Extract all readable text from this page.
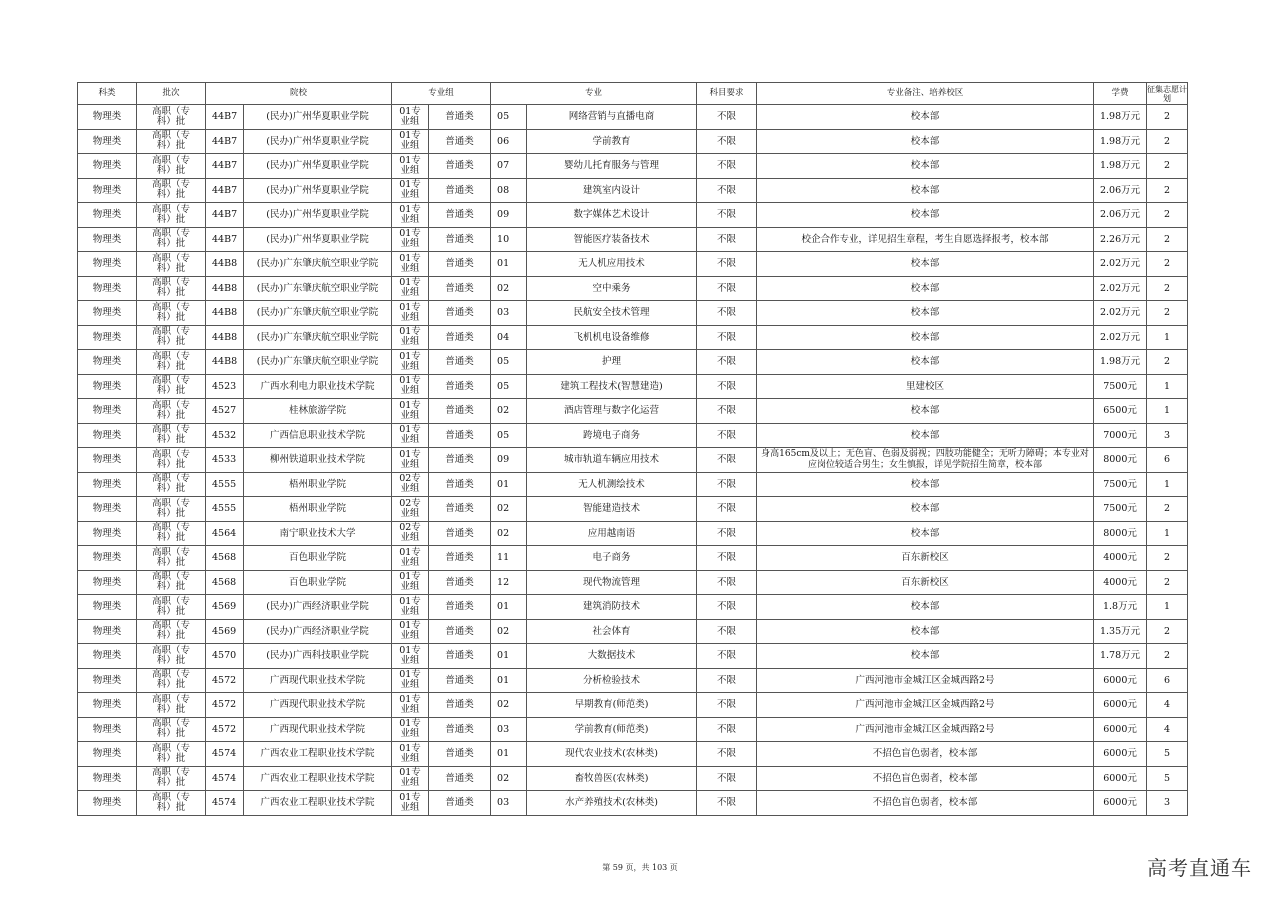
科类	批次	院校		专业组		专业		科目要求	专业备注、培养校区	学费	征集志愿计划
物理类	高职（专科）批	44B7	(民办)广州华夏职业学院	01专业组	普通类	05	网络营销与直播电商	不限	校本部	1.98万元	2
物理类	高职（专科）批	44B7	(民办)广州华夏职业学院	01专业组	普通类	06	学前教育	不限	校本部	1.98万元	2
物理类	高职（专科）批	44B7	(民办)广州华夏职业学院	01专业组	普通类	07	婴幼儿托育服务与管理	不限	校本部	1.98万元	2
物理类	高职（专科）批	44B7	(民办)广州华夏职业学院	01专业组	普通类	08	建筑室内设计	不限	校本部	2.06万元	2
物理类	高职（专科）批	44B7	(民办)广州华夏职业学院	01专业组	普通类	09	数字媒体艺术设计	不限	校本部	2.06万元	2
物理类	高职（专科）批	44B7	(民办)广州华夏职业学院	01专业组	普通类	10	智能医疗装备技术	不限	校企合作专业，详见招生章程，考生自愿选择报考，校本部	2.26万元	2
物理类	高职（专科）批	44B8	(民办)广东肇庆航空职业学院	01专业组	普通类	01	无人机应用技术	不限	校本部	2.02万元	2
物理类	高职（专科）批	44B8	(民办)广东肇庆航空职业学院	01专业组	普通类	02	空中乘务	不限	校本部	2.02万元	2
物理类	高职（专科）批	44B8	(民办)广东肇庆航空职业学院	01专业组	普通类	03	民航安全技术管理	不限	校本部	2.02万元	2
物理类	高职（专科）批	44B8	(民办)广东肇庆航空职业学院	01专业组	普通类	04	飞机机电设备维修	不限	校本部	2.02万元	1
物理类	高职（专科）批	44B8	(民办)广东肇庆航空职业学院	01专业组	普通类	05	护理	不限	校本部	1.98万元	2
物理类	高职（专科）批	4523	广西水利电力职业技术学院	01专业组	普通类	05	建筑工程技术(智慧建造)	不限	里建校区	7500元	1
物理类	高职（专科）批	4527	桂林旅游学院	01专业组	普通类	02	酒店管理与数字化运营	不限	校本部	6500元	1
物理类	高职（专科）批	4532	广西信息职业技术学院	01专业组	普通类	05	跨境电子商务	不限	校本部	7000元	3
物理类	高职（专科）批	4533	柳州铁道职业技术学院	01专业组	普通类	09	城市轨道车辆应用技术	不限	身高165cm及以上；无色盲、色弱及弱视；四肢功能健全；无听力障碍；本专业对应岗位较适合男生；女生慎报，详见学院招生简章，校本部	8000元	6
物理类	高职（专科）批	4555	梧州职业学院	02专业组	普通类	01	无人机测绘技术	不限	校本部	7500元	1
物理类	高职（专科）批	4555	梧州职业学院	02专业组	普通类	02	智能建造技术	不限	校本部	7500元	2
物理类	高职（专科）批	4564	南宁职业技术大学	02专业组	普通类	02	应用越南语	不限	校本部	8000元	1
物理类	高职（专科）批	4568	百色职业学院	01专业组	普通类	11	电子商务	不限	百东新校区	4000元	2
物理类	高职（专科）批	4568	百色职业学院	01专业组	普通类	12	现代物流管理	不限	百东新校区	4000元	2
物理类	高职（专科）批	4569	(民办)广西经济职业学院	01专业组	普通类	01	建筑消防技术	不限	校本部	1.8万元	1
物理类	高职（专科）批	4569	(民办)广西经济职业学院	01专业组	普通类	02	社会体育	不限	校本部	1.35万元	2
物理类	高职（专科）批	4570	(民办)广西科技职业学院	01专业组	普通类	01	大数据技术	不限	校本部	1.78万元	2
物理类	高职（专科）批	4572	广西现代职业技术学院	01专业组	普通类	01	分析检验技术	不限	广西河池市金城江区金城西路2号	6000元	6
物理类	高职（专科）批	4572	广西现代职业技术学院	01专业组	普通类	02	早期教育(师范类)	不限	广西河池市金城江区金城西路2号	6000元	4
物理类	高职（专科）批	4572	广西现代职业技术学院	01专业组	普通类	03	学前教育(师范类)	不限	广西河池市金城江区金城西路2号	6000元	4
物理类	高职（专科）批	4574	广西农业工程职业技术学院	01专业组	普通类	01	现代农业技术(农林类)	不限	不招色盲色弱者，校本部	6000元	5
物理类	高职（专科）批	4574	广西农业工程职业技术学院	01专业组	普通类	02	畜牧兽医(农林类)	不限	不招色盲色弱者，校本部	6000元	5
物理类	高职（专科）批	4574	广西农业工程职业技术学院	01专业组	普通类	03	水产养殖技术(农林类)	不限	不招色盲色弱者，校本部	6000元	3
第 59 页，共 103 页	高考直通车
